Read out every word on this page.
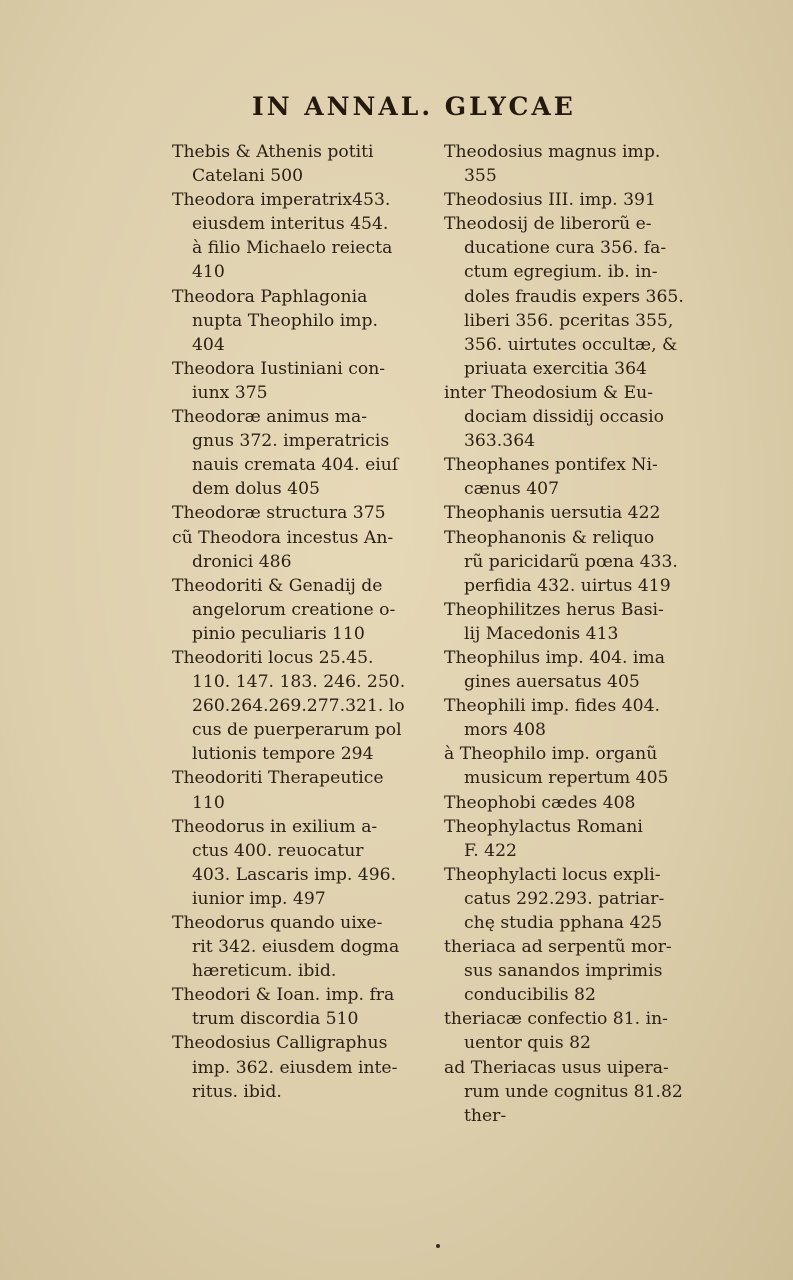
IN ANNAL. GLYCAE
Thebis & Athenis potiti
Catelani 500
Theodora imperatrix453.
eiusdem interitus 454.
à filio Michaelo reiecta
410
Theodora Paphlagonia
nupta Theophilo imp.
404
Theodora Iustiniani con-
iunx 375
Theodoræ animus ma-
gnus 372. imperatricis
nauis cremata 404. eiuſ
dem dolus 405
Theodoræ structura 375
cũ Theodora incestus An-
dronici 486
Theodoriti & Genadij de
angelorum creatione o-
pinio peculiaris 110
Theodoriti locus 25.45.
110. 147. 183. 246. 250.
260.264.269.277.321. lo
cus de puerperarum pol
lutionis tempore 294
Theodoriti Therapeutice
110
Theodorus in exilium a-
ctus 400. reuocatur
403. Lascaris imp. 496.
iunior imp. 497
Theodorus quando uixe-
rit 342. eiusdem dogma
hæreticum. ibid.
Theodori & Ioan. imp. fra
trum discordia 510
Theodosius Calligraphus
imp. 362. eiusdem inte-
ritus. ibid.
Theodosius magnus imp.
355
Theodosius III. imp. 391
Theodosij de liberorũ e-
ducatione cura 356. fa-
ctum egregium. ib. in-
doles fraudis expers 365.
liberi 356. pceritas 355,
356. uirtutes occultæ, &
priuata exercitia 364
inter Theodosium & Eu-
dociam dissidij occasio
363.364
Theophanes pontifex Ni-
cænus 407
Theophanis uersutia 422
Theophanonis & reliquo
rũ paricidarũ pœna 433.
perfidia 432. uirtus 419
Theophilitzes herus Basi-
lij Macedonis 413
Theophilus imp. 404. ima
gines auersatus 405
Theophili imp. fides 404.
mors 408
à Theophilo imp. organũ
musicum repertum 405
Theophobi cædes 408
Theophylactus Romani
F. 422
Theophylacti locus expli-
catus 292.293. patriar-
chę studia pphana 425
theriaca ad serpentũ mor-
sus sanandos imprimis
conducibilis 82
theriacæ confectio 81. in-
uentor quis 82
ad Theriacas usus uipera-
rum unde cognitus 81.82
ther-
